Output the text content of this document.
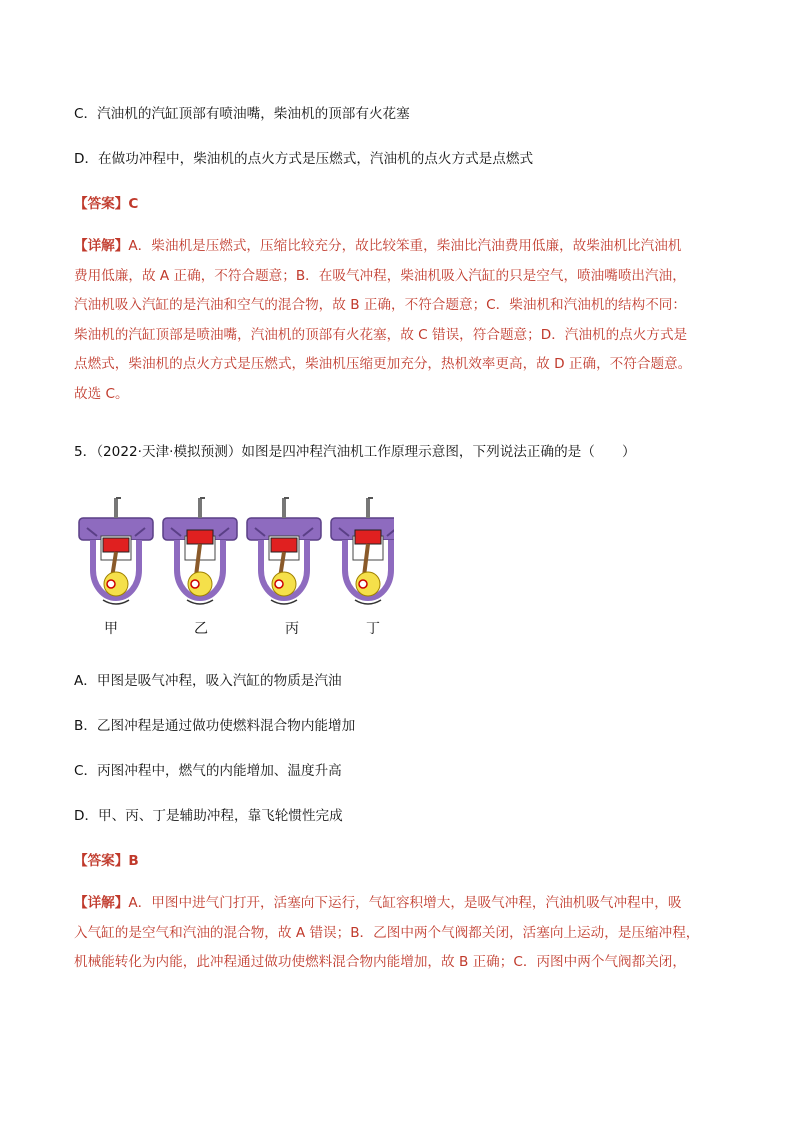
C．汽油机的汽缸顶部有喷油嘴，柴油机的顶部有火花塞
D．在做功冲程中，柴油机的点火方式是压燃式，汽油机的点火方式是点燃式
【答案】C
【详解】A．柴油机是压燃式，压缩比较充分，故比较笨重，柴油比汽油费用低廉，故柴油机比汽油机
费用低廉，故 A 正确，不符合题意；B．在吸气冲程，柴油机吸入汽缸的只是空气，喷油嘴喷出汽油，
汽油机吸入汽缸的是汽油和空气的混合物，故 B 正确，不符合题意；C．柴油机和汽油机的结构不同：
柴油机的汽缸顶部是喷油嘴，汽油机的顶部有火花塞，故 C 错误，符合题意；D．汽油机的点火方式是
点燃式，柴油机的点火方式是压燃式，柴油机压缩更加充分，热机效率更高，故 D 正确，不符合题意。
故选 C。
5．（2022·天津·模拟预测）如图是四冲程汽油机工作原理示意图，下列说法正确的是（　　）
甲	乙	丙	丁
A．甲图是吸气冲程，吸入汽缸的物质是汽油
B．乙图冲程是通过做功使燃料混合物内能增加
C．丙图冲程中，燃气的内能增加、温度升高
D．甲、丙、丁是辅助冲程，靠飞轮惯性完成
【答案】B
【详解】A．甲图中进气门打开，活塞向下运行，气缸容积增大，是吸气冲程，汽油机吸气冲程中，吸
入气缸的是空气和汽油的混合物，故 A 错误；B．乙图中两个气阀都关闭，活塞向上运动，是压缩冲程，
机械能转化为内能，此冲程通过做功使燃料混合物内能增加，故 B 正确；C．丙图中两个气阀都关闭，
